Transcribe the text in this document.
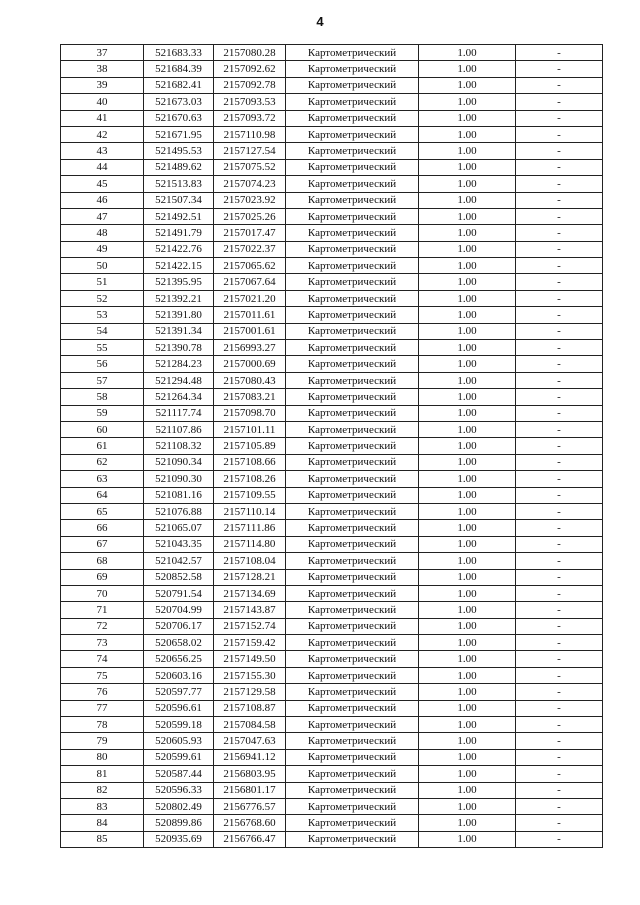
4
37	521683.33	2157080.28	Картометрический	1.00	-
38	521684.39	2157092.62	Картометрический	1.00	-
39	521682.41	2157092.78	Картометрический	1.00	-
40	521673.03	2157093.53	Картометрический	1.00	-
41	521670.63	2157093.72	Картометрический	1.00	-
42	521671.95	2157110.98	Картометрический	1.00	-
43	521495.53	2157127.54	Картометрический	1.00	-
44	521489.62	2157075.52	Картометрический	1.00	-
45	521513.83	2157074.23	Картометрический	1.00	-
46	521507.34	2157023.92	Картометрический	1.00	-
47	521492.51	2157025.26	Картометрический	1.00	-
48	521491.79	2157017.47	Картометрический	1.00	-
49	521422.76	2157022.37	Картометрический	1.00	-
50	521422.15	2157065.62	Картометрический	1.00	-
51	521395.95	2157067.64	Картометрический	1.00	-
52	521392.21	2157021.20	Картометрический	1.00	-
53	521391.80	2157011.61	Картометрический	1.00	-
54	521391.34	2157001.61	Картометрический	1.00	-
55	521390.78	2156993.27	Картометрический	1.00	-
56	521284.23	2157000.69	Картометрический	1.00	-
57	521294.48	2157080.43	Картометрический	1.00	-
58	521264.34	2157083.21	Картометрический	1.00	-
59	521117.74	2157098.70	Картометрический	1.00	-
60	521107.86	2157101.11	Картометрический	1.00	-
61	521108.32	2157105.89	Картометрический	1.00	-
62	521090.34	2157108.66	Картометрический	1.00	-
63	521090.30	2157108.26	Картометрический	1.00	-
64	521081.16	2157109.55	Картометрический	1.00	-
65	521076.88	2157110.14	Картометрический	1.00	-
66	521065.07	2157111.86	Картометрический	1.00	-
67	521043.35	2157114.80	Картометрический	1.00	-
68	521042.57	2157108.04	Картометрический	1.00	-
69	520852.58	2157128.21	Картометрический	1.00	-
70	520791.54	2157134.69	Картометрический	1.00	-
71	520704.99	2157143.87	Картометрический	1.00	-
72	520706.17	2157152.74	Картометрический	1.00	-
73	520658.02	2157159.42	Картометрический	1.00	-
74	520656.25	2157149.50	Картометрический	1.00	-
75	520603.16	2157155.30	Картометрический	1.00	-
76	520597.77	2157129.58	Картометрический	1.00	-
77	520596.61	2157108.87	Картометрический	1.00	-
78	520599.18	2157084.58	Картометрический	1.00	-
79	520605.93	2157047.63	Картометрический	1.00	-
80	520599.61	2156941.12	Картометрический	1.00	-
81	520587.44	2156803.95	Картометрический	1.00	-
82	520596.33	2156801.17	Картометрический	1.00	-
83	520802.49	2156776.57	Картометрический	1.00	-
84	520899.86	2156768.60	Картометрический	1.00	-
85	520935.69	2156766.47	Картометрический	1.00	-
